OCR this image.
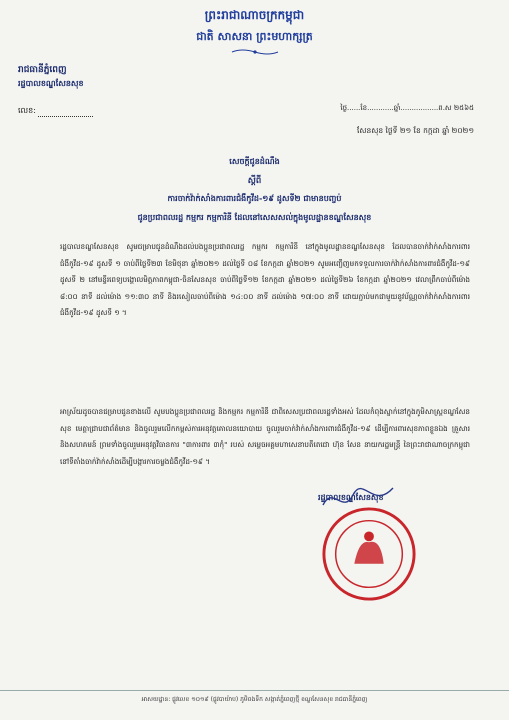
ព្រះរាជាណាចក្រកម្ពុជា
ជាតិ សាសនា ព្រះមហាក្សត្រ
រាជធានីភ្នំពេញ
រដ្ឋបាលខណ្ឌសែនសុខ
លេខ:	ថ្ងៃ......ខែ............ឆ្នាំ.................ព.ស ២៥៦៥
សែនសុខ ថ្ងៃទី ២១ ខែ កក្កដា ឆ្នាំ ២០២១
សេចក្តីជូនដំណឹង
ស្តីពី
ការចាក់វ៉ាក់សាំងការពារជំងឺកូវីដ-១៩ ដូសទី២ ជាមានបញ្ចប់
ជូនប្រជាពលរដ្ឋ កម្មករ កម្មការិនី ដែលនៅសេសសល់ក្នុងមូលដ្ឋានខណ្ឌសែនសុខ
រដ្ឋបាលខណ្ឌសែនសុខ សូមជម្រាបជូនដំណឹងដល់បងប្អូនប្រជាពលរដ្ឋ កម្មករ កម្មការិនី នៅក្នុងមូលដ្ឋានខណ្ឌសែនសុខ ដែលបានចាក់វ៉ាក់សាំងការពារជំងឺកូវីដ-១៩ ដូសទី ១ ចាប់ពីថ្ងៃទី២៣ ខែមិថុនា ឆ្នាំ២០២១ ដល់ថ្ងៃទី ០៨ ខែកក្កដា ឆ្នាំ២០២១ សូមអញ្ជើញមកទទួលការចាក់វ៉ាក់សាំងការពារជំងឺកូវីដ-១៩ ដូសទី ២ នៅមន្ទីរពេទ្យបង្គោលមិត្តភាពកម្ពុជា-ចិនសែនសុខ ចាប់ពីថ្ងៃទី១២ ខែកក្កដា ឆ្នាំ២០២១ ដល់ថ្ងៃទី២៦ ខែកក្កដា ឆ្នាំ២០២១ វេលាព្រឹកចាប់ពីម៉ោង ៨:០០ នាទី ដល់ម៉ោង ១១:៣០ នាទី និងរសៀលចាប់ពីម៉ោង ១៤:០០ នាទី ដល់ម៉ោង ១៧:០០ នាទី ដោយភ្ជាប់មកជាមួយនូវប័ណ្ណចាក់វ៉ាក់សាំងការពារជំងឺកូវីដ-១៩ ដូសទី ១ ។
អាស្រ័យដូចបានជម្រាបជូនខាងលើ សូមបងប្អូនប្រជាពលរដ្ឋ និងកម្មករ កម្មការិនី ជាពិសេសប្រជាពលរដ្ឋទាំងអស់ ដែលកំពុងស្នាក់នៅក្នុងភូមិសាស្ត្រខណ្ឌសែនសុខ មេត្តាជ្រាបជាព័ត៌មាន និងចូលរួមលើកកម្ពស់ការអនុវត្តគោលនយោបាយ ចូលរួមចាក់វ៉ាក់សាំងការពារជំងឺកូវីដ-១៩ ដើម្បីការពារសុខភាពខ្លួនឯង គ្រួសារ និងសហគមន៍ ព្រមទាំងចូលរួមអនុវត្តវិធានការ "៣ការពារ ៣កុំ" របស់ សម្តេចអគ្គមហាសេនាបតីតេជោ ហ៊ុន សែន នាយករដ្ឋមន្ត្រី នៃព្រះរាជាណាចក្រកម្ពុជា នៅទីតាំងចាក់វ៉ាក់សាំងដើម្បីបង្ការការចម្លងជំងឺកូវីដ-១៩ ។
រដ្ឋបាលខណ្ឌសែនសុខ
អាសយដ្ឋាន: ផ្លូវលេខ ១០១៩ (ផ្លូវបាយ៉ាប) ភូមិពងទឹក សង្កាត់ភ្នំពេញថ្មី ខណ្ឌសែនសុខ រាជធានីភ្នំពេញ
